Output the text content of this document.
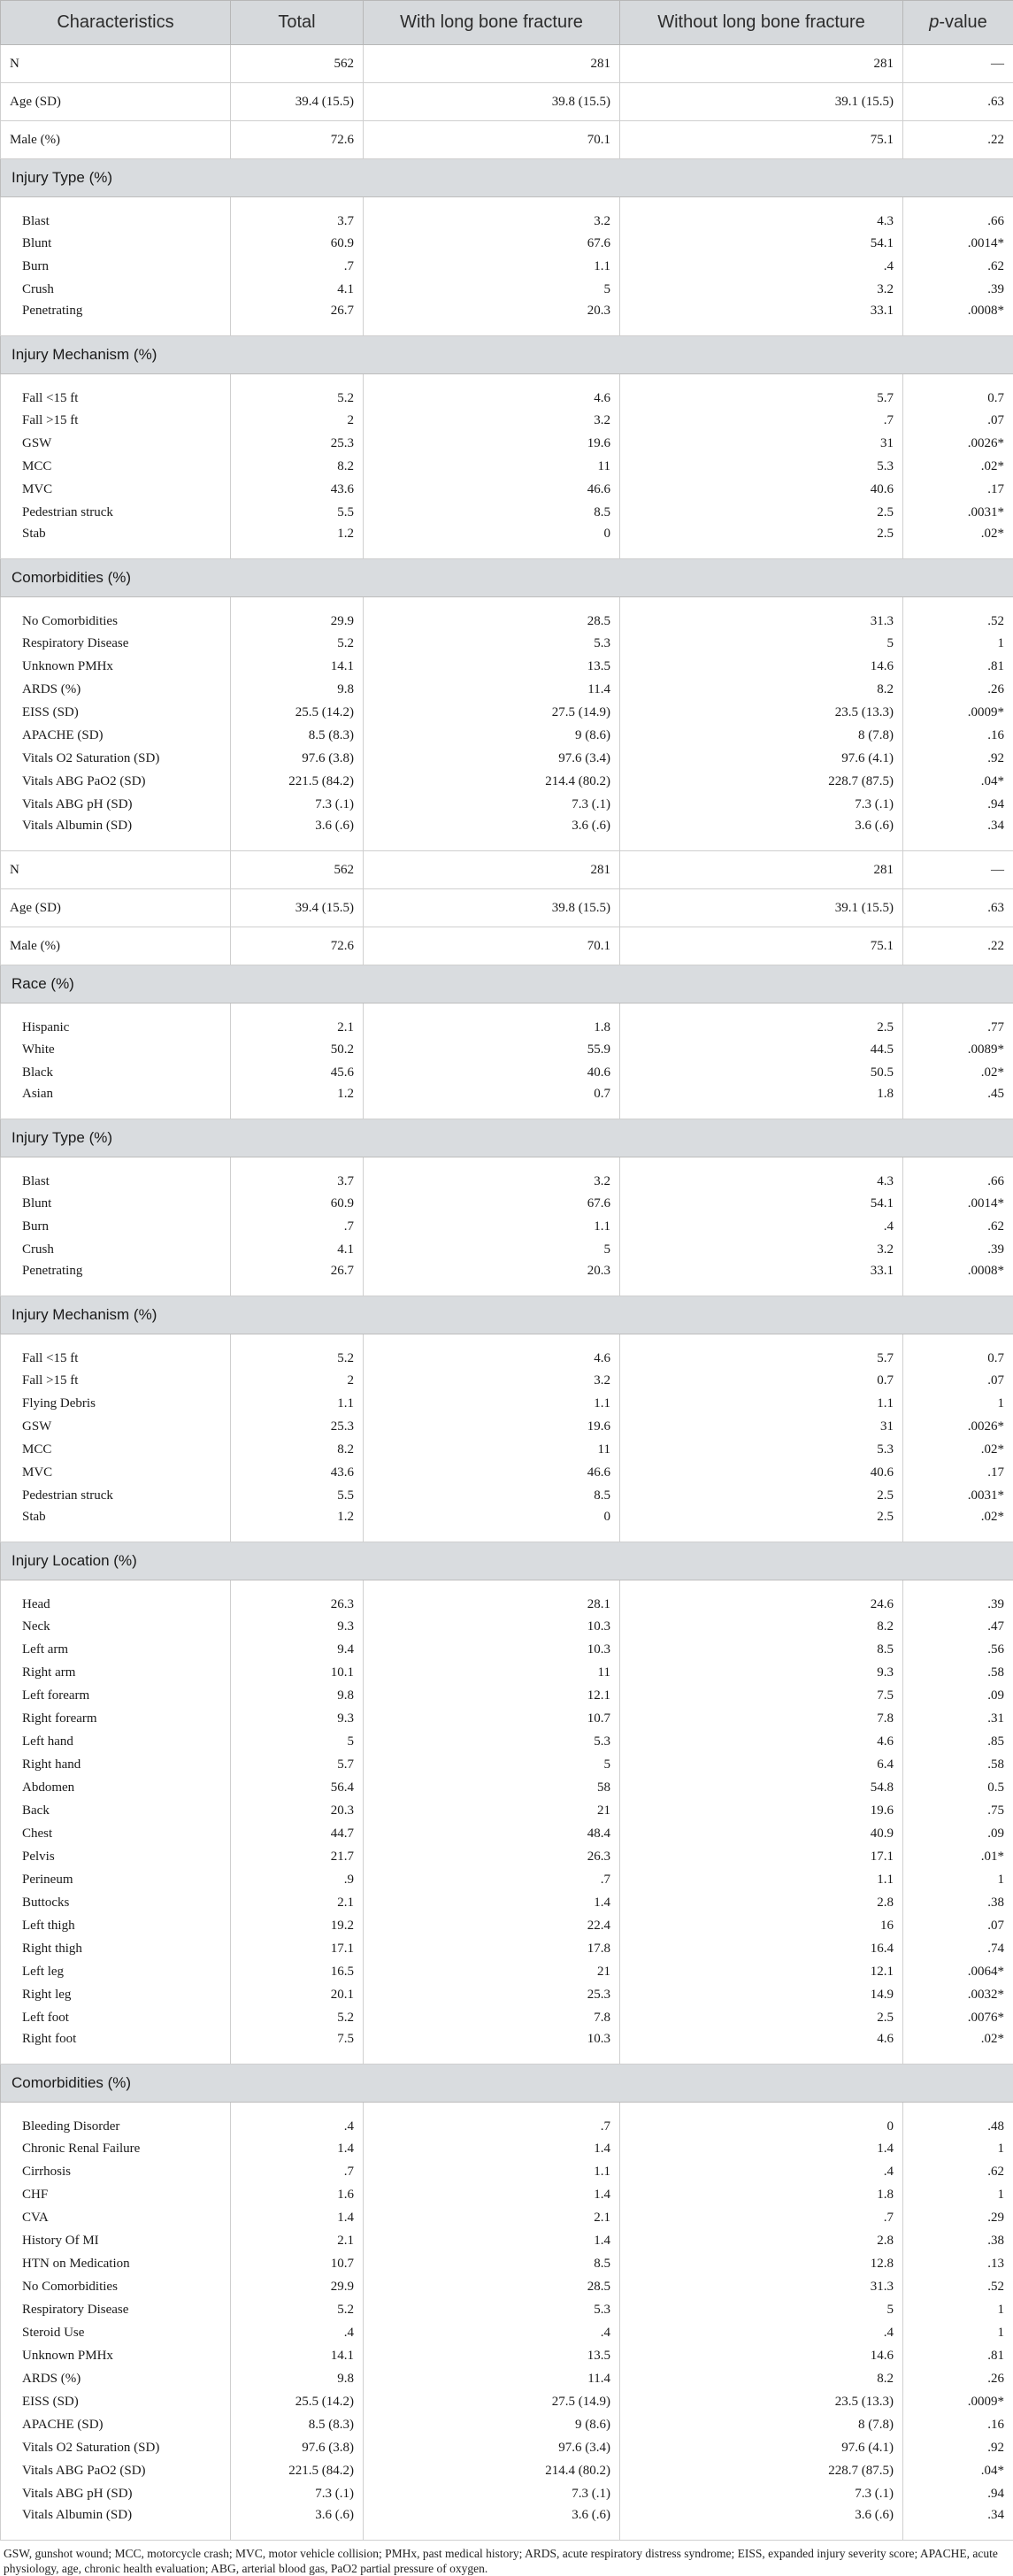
Characteristics	Total	With long bone fracture	Without long bone fracture	p-value
N	562	281	281	—
Age (SD)	39.4 (15.5)	39.8 (15.5)	39.1 (15.5)	.63
Male (%)	72.6	70.1	75.1	.22
Injury Type (%)				
Blast	3.7	3.2	4.3	.66
Blunt	60.9	67.6	54.1	.0014*
Burn	.7	1.1	.4	.62
Crush	4.1	5	3.2	.39
Penetrating	26.7	20.3	33.1	.0008*
Injury Mechanism (%)				
Fall <15 ft	5.2	4.6	5.7	0.7
Fall >15 ft	2	3.2	.7	.07
GSW	25.3	19.6	31	.0026*
MCC	8.2	11	5.3	.02*
MVC	43.6	46.6	40.6	.17
Pedestrian struck	5.5	8.5	2.5	.0031*
Stab	1.2	0	2.5	.02*
Comorbidities (%)				
No Comorbidities	29.9	28.5	31.3	.52
Respiratory Disease	5.2	5.3	5	1
Unknown PMHx	14.1	13.5	14.6	.81
ARDS (%)	9.8	11.4	8.2	.26
EISS (SD)	25.5 (14.2)	27.5 (14.9)	23.5 (13.3)	.0009*
APACHE (SD)	8.5 (8.3)	9 (8.6)	8 (7.8)	.16
Vitals O2 Saturation (SD)	97.6 (3.8)	97.6 (3.4)	97.6 (4.1)	.92
Vitals ABG PaO2 (SD)	221.5 (84.2)	214.4 (80.2)	228.7 (87.5)	.04*
Vitals ABG pH (SD)	7.3 (.1)	7.3 (.1)	7.3 (.1)	.94
Vitals Albumin (SD)	3.6 (.6)	3.6 (.6)	3.6 (.6)	.34
N	562	281	281	—
Age (SD)	39.4 (15.5)	39.8 (15.5)	39.1 (15.5)	.63
Male (%)	72.6	70.1	75.1	.22
Race (%)				
Hispanic	2.1	1.8	2.5	.77
White	50.2	55.9	44.5	.0089*
Black	45.6	40.6	50.5	.02*
Asian	1.2	0.7	1.8	.45
Injury Type (%)				
Blast	3.7	3.2	4.3	.66
Blunt	60.9	67.6	54.1	.0014*
Burn	.7	1.1	.4	.62
Crush	4.1	5	3.2	.39
Penetrating	26.7	20.3	33.1	.0008*
Injury Mechanism (%)				
Fall <15 ft	5.2	4.6	5.7	0.7
Fall >15 ft	2	3.2	0.7	.07
Flying Debris	1.1	1.1	1.1	1
GSW	25.3	19.6	31	.0026*
MCC	8.2	11	5.3	.02*
MVC	43.6	46.6	40.6	.17
Pedestrian struck	5.5	8.5	2.5	.0031*
Stab	1.2	0	2.5	.02*
Injury Location (%)				
Head	26.3	28.1	24.6	.39
Neck	9.3	10.3	8.2	.47
Left arm	9.4	10.3	8.5	.56
Right arm	10.1	11	9.3	.58
Left forearm	9.8	12.1	7.5	.09
Right forearm	9.3	10.7	7.8	.31
Left hand	5	5.3	4.6	.85
Right hand	5.7	5	6.4	.58
Abdomen	56.4	58	54.8	0.5
Back	20.3	21	19.6	.75
Chest	44.7	48.4	40.9	.09
Pelvis	21.7	26.3	17.1	.01*
Perineum	.9	.7	1.1	1
Buttocks	2.1	1.4	2.8	.38
Left thigh	19.2	22.4	16	.07
Right thigh	17.1	17.8	16.4	.74
Left leg	16.5	21	12.1	.0064*
Right leg	20.1	25.3	14.9	.0032*
Left foot	5.2	7.8	2.5	.0076*
Right foot	7.5	10.3	4.6	.02*
Comorbidities (%)				
Bleeding Disorder	.4	.7	0	.48
Chronic Renal Failure	1.4	1.4	1.4	1
Cirrhosis	.7	1.1	.4	.62
CHF	1.6	1.4	1.8	1
CVA	1.4	2.1	.7	.29
History Of MI	2.1	1.4	2.8	.38
HTN on Medication	10.7	8.5	12.8	.13
No Comorbidities	29.9	28.5	31.3	.52
Respiratory Disease	5.2	5.3	5	1
Steroid Use	.4	.4	.4	1
Unknown PMHx	14.1	13.5	14.6	.81
ARDS (%)	9.8	11.4	8.2	.26
EISS (SD)	25.5 (14.2)	27.5 (14.9)	23.5 (13.3)	.0009*
APACHE (SD)	8.5 (8.3)	9 (8.6)	8 (7.8)	.16
Vitals O2 Saturation (SD)	97.6 (3.8)	97.6 (3.4)	97.6 (4.1)	.92
Vitals ABG PaO2 (SD)	221.5 (84.2)	214.4 (80.2)	228.7 (87.5)	.04*
Vitals ABG pH (SD)	7.3 (.1)	7.3 (.1)	7.3 (.1)	.94
Vitals Albumin (SD)	3.6 (.6)	3.6 (.6)	3.6 (.6)	.34
GSW, gunshot wound; MCC, motorcycle crash; MVC, motor vehicle collision; PMHx, past medical history; ARDS, acute respiratory distress syndrome; EISS, expanded injury severity score; APACHE, acute physiology, age, chronic health evaluation; ABG, arterial blood gas, PaO2 partial pressure of oxygen.
